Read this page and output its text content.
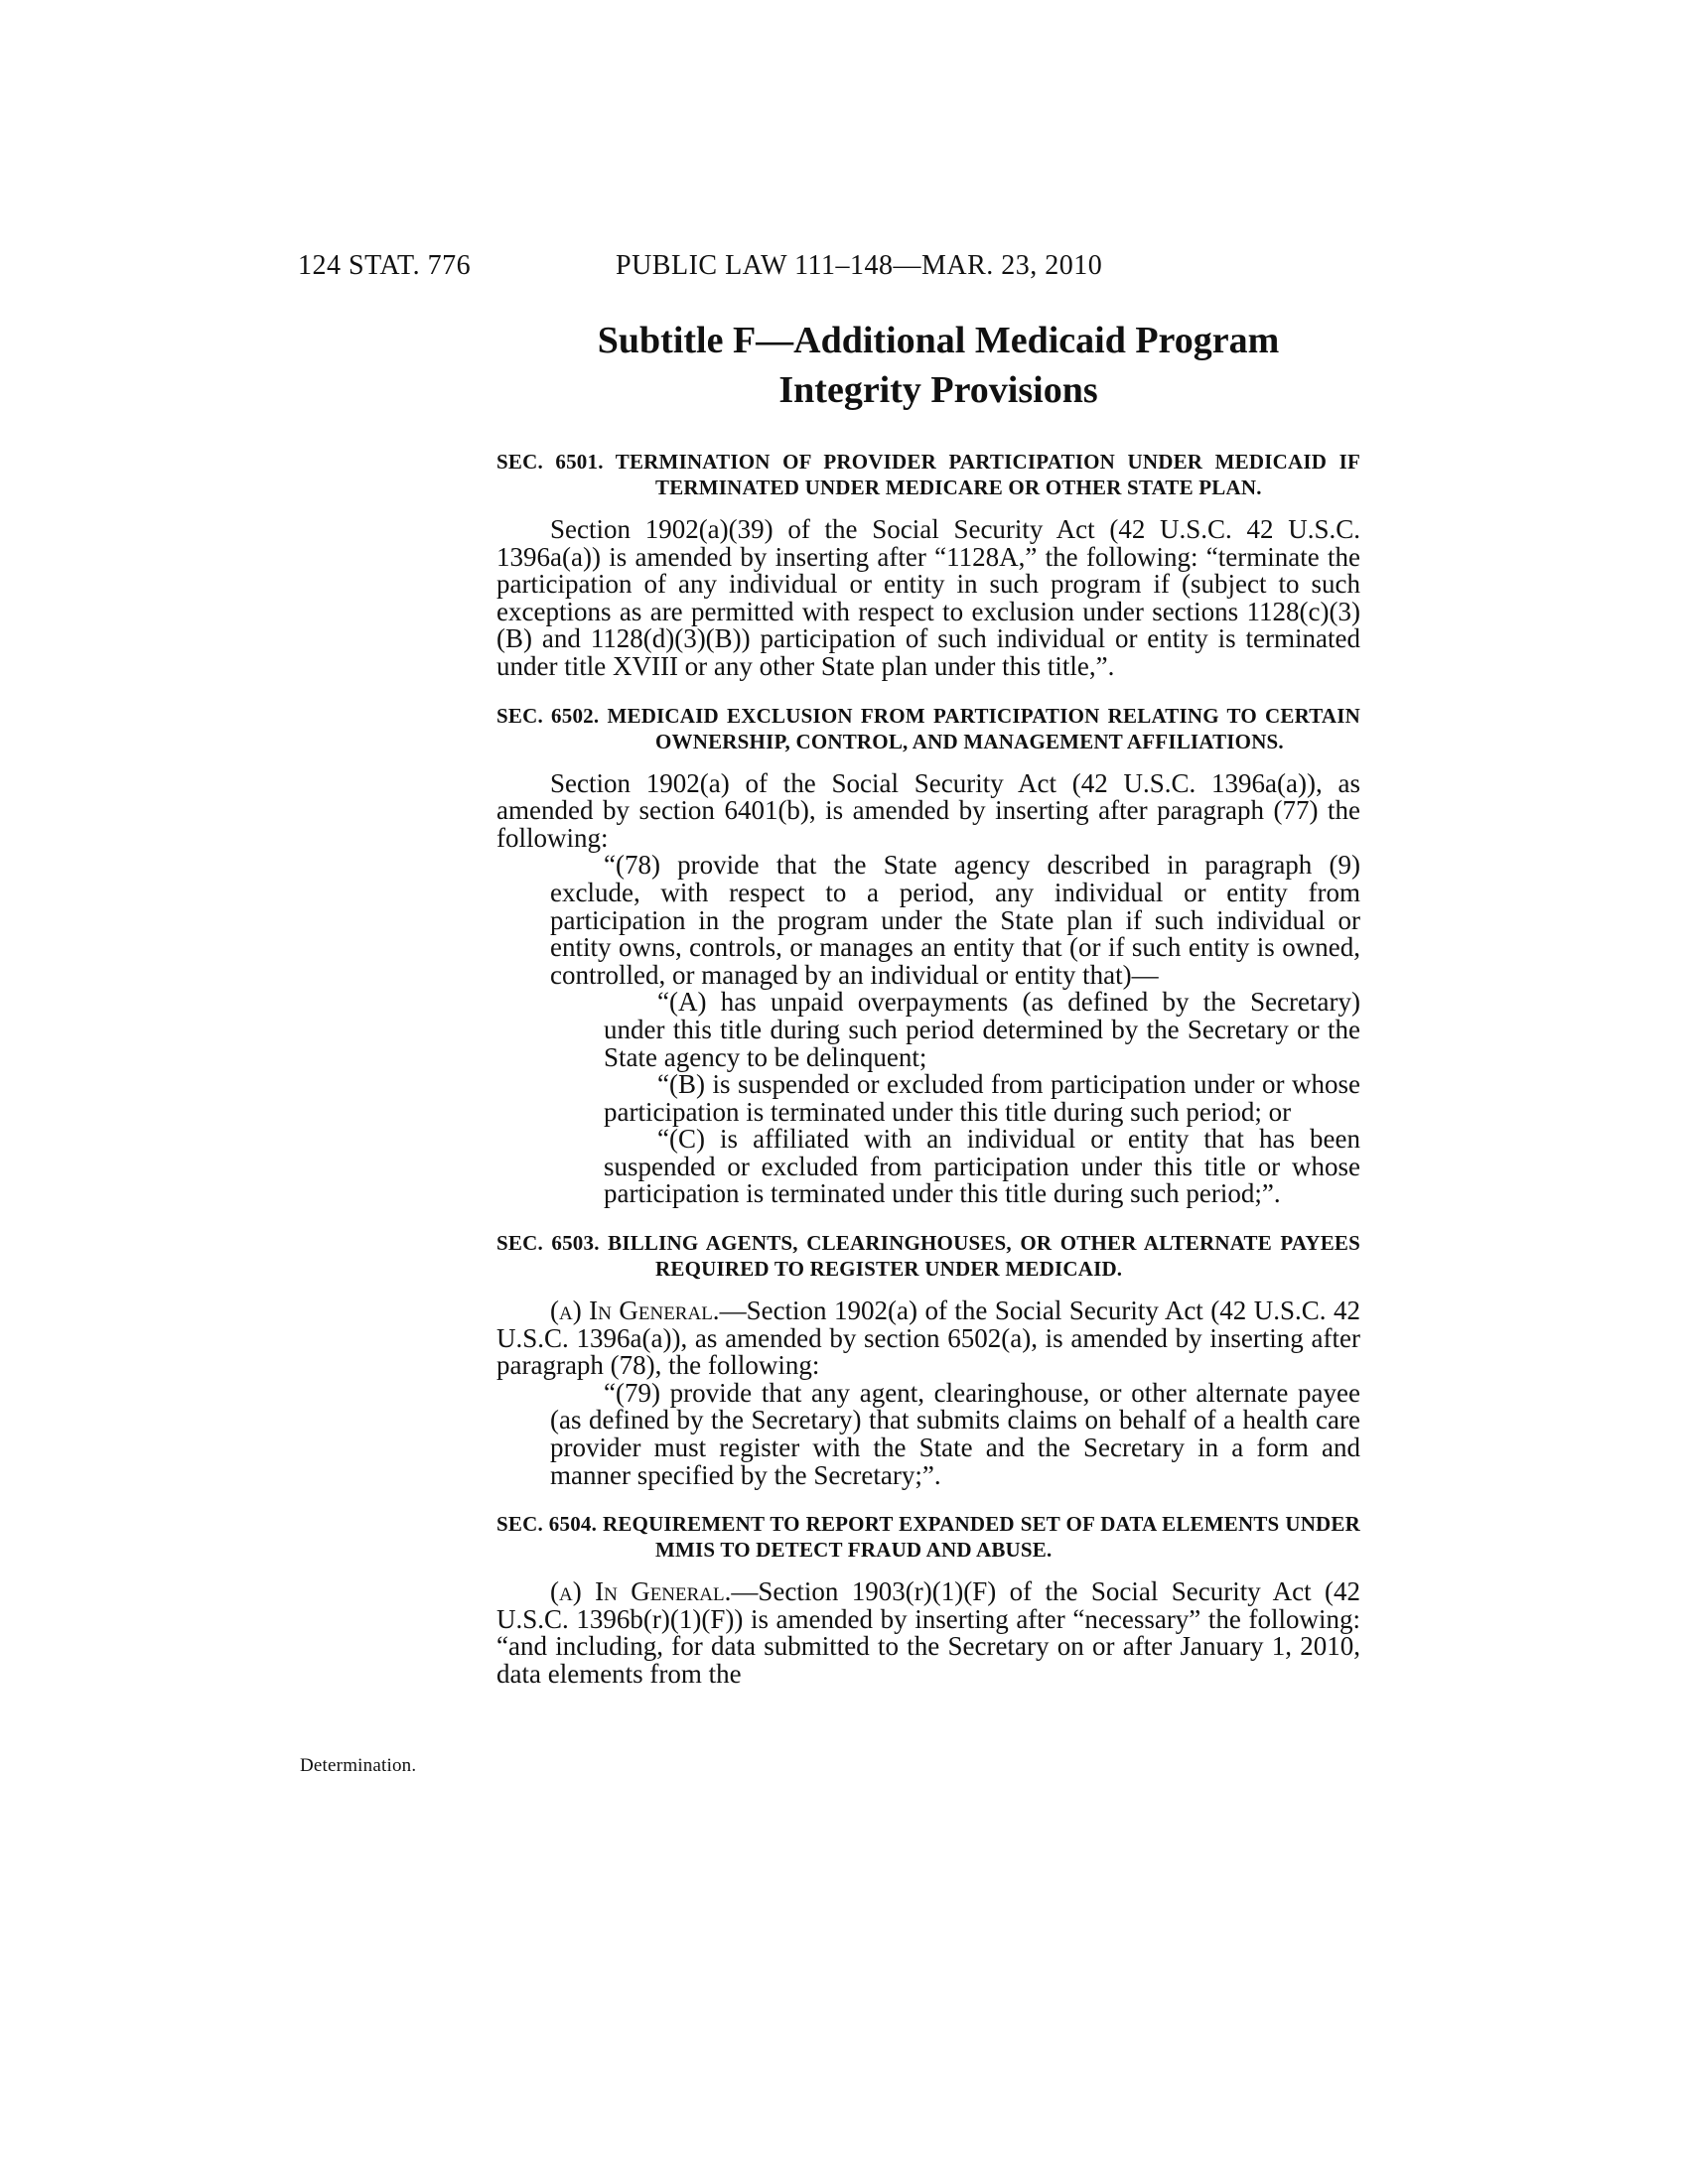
124 STAT. 776	PUBLIC LAW 111–148—MAR. 23, 2010
Determination.
Subtitle F—Additional Medicaid Program
Integrity Provisions
SEC. 6501. TERMINATION OF PROVIDER PARTICIPATION UNDER MEDICAID IF TERMINATED UNDER MEDICARE OR OTHER STATE PLAN.

Section 1902(a)(39) of the Social Security Act (42 U.S.C. 42 U.S.C. 1396a(a)) is amended by inserting after “1128A,” the following: “terminate the participation of any individual or entity in such program if (subject to such exceptions as are permitted with respect to exclusion under sections 1128(c)(3)(B) and 1128(d)(3)(B)) participation of such individual or entity is terminated under title XVIII or any other State plan under this title,”.

SEC. 6502. MEDICAID EXCLUSION FROM PARTICIPATION RELATING TO CERTAIN OWNERSHIP, CONTROL, AND MANAGEMENT AFFILIATIONS.

Section 1902(a) of the Social Security Act (42 U.S.C. 1396a(a)), as amended by section 6401(b), is amended by inserting after paragraph (77) the following:

“(78) provide that the State agency described in paragraph (9) exclude, with respect to a period, any individual or entity from participation in the program under the State plan if such individual or entity owns, controls, or manages an entity that (or if such entity is owned, controlled, or managed by an individual or entity that)—

“(A) has unpaid overpayments (as defined by the Secretary) under this title during such period determined by the Secretary or the State agency to be delinquent;

“(B) is suspended or excluded from participation under or whose participation is terminated under this title during such period; or

“(C) is affiliated with an individual or entity that has been suspended or excluded from participation under this title or whose participation is terminated under this title during such period;”.

SEC. 6503. BILLING AGENTS, CLEARINGHOUSES, OR OTHER ALTERNATE PAYEES REQUIRED TO REGISTER UNDER MEDICAID.

(a) In General.—Section 1902(a) of the Social Security Act (42 U.S.C. 42 U.S.C. 1396a(a)), as amended by section 6502(a), is amended by inserting after paragraph (78), the following:

“(79) provide that any agent, clearinghouse, or other alternate payee (as defined by the Secretary) that submits claims on behalf of a health care provider must register with the State and the Secretary in a form and manner specified by the Secretary;”.

SEC. 6504. REQUIREMENT TO REPORT EXPANDED SET OF DATA ELEMENTS UNDER MMIS TO DETECT FRAUD AND ABUSE.

(a) In General.—Section 1903(r)(1)(F) of the Social Security Act (42 U.S.C. 1396b(r)(1)(F)) is amended by inserting after “necessary” the following: “and including, for data submitted to the Secretary on or after January 1, 2010, data elements from the
